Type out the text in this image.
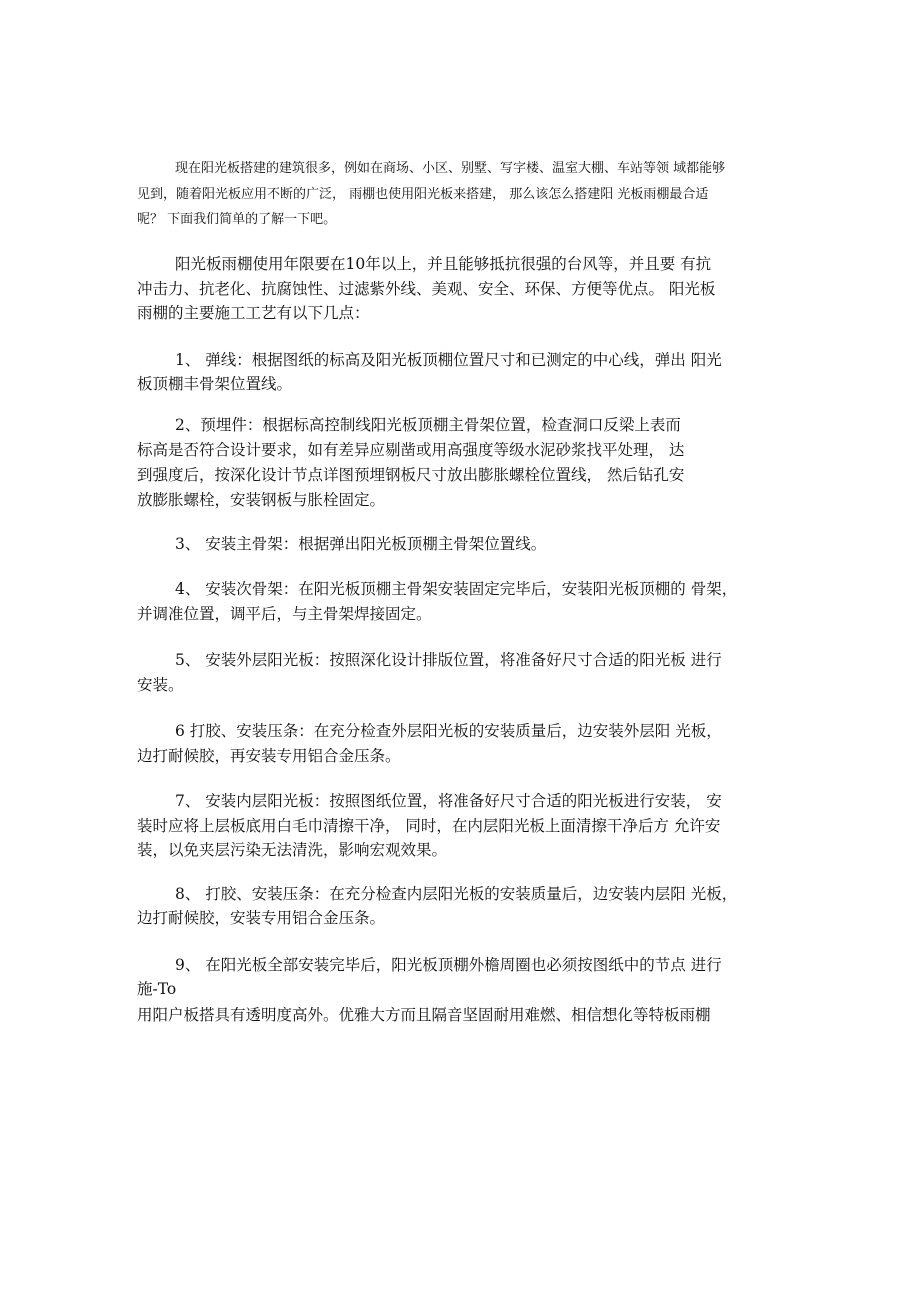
现在阳光板搭建的建筑很多，例如在商场、小区、别墅、写字楼、温室大棚、车站等领 域都能够
见到，随着阳光板应用不断的广泛， 雨棚也使用阳光板来搭建， 那么该怎么搭建阳 光板雨棚最合适
呢？ 下面我们简单的了解一下吧。
阳光板雨棚使用年限要在10年以上，并且能够抵抗很强的台风等，并且要 有抗
冲击力、抗老化、抗腐蚀性、过滤紫外线、美观、安全、环保、方便等优点。 阳光板
雨棚的主要施工工艺有以下几点：
1、 弹线：根据图纸的标高及阳光板顶棚位置尺寸和已测定的中心线，弹出 阳光
板顶棚丰骨架位置线。
2、预埋件：根据标高控制线阳光板顶棚主骨架位置，检查洞口反梁上表而
标高是否符合设计要求，如有差异应剔凿或用高强度等级水泥砂浆找平处理， 达
到强度后，按深化设计节点详图预埋钢板尺寸放出膨胀螺栓位置线， 然后钻孔安
放膨胀螺栓，安装钢板与胀栓固定。
3、 安装主骨架：根据弹出阳光板顶棚主骨架位置线。
4、 安装次骨架：在阳光板顶棚主骨架安装固定完毕后，安装阳光板顶棚的 骨架，
并调准位置，调平后，与主骨架焊接固定。
5、 安装外层阳光板：按照深化设计排版位置，将准备好尺寸合适的阳光板 进行
安装。
6 打胶、安装压条：在充分检查外层阳光板的安装质量后，边安装外层阳 光板，
边打耐候胶，再安装专用铝合金压条。
7、 安装内层阳光板：按照图纸位置，将准备好尺寸合适的阳光板进行安装， 安
装时应将上层板底用白毛巾清擦干净， 同时，在内层阳光板上面清擦干净后方 允许安
装，以免夹层污染无法清洗，影响宏观效果。
8、 打胶、安装压条：在充分检查内层阳光板的安装质量后，边安装内层阳 光板，
边打耐候胶，安装专用铝合金压条。
9、 在阳光板全部安装完毕后，阳光板顶棚外檐周圈也必须按图纸中的节点 进行
施-To
用阳户板搭具有透明度高外。优雅大方而且隔音坚固耐用难燃、相信想化等特板雨棚
